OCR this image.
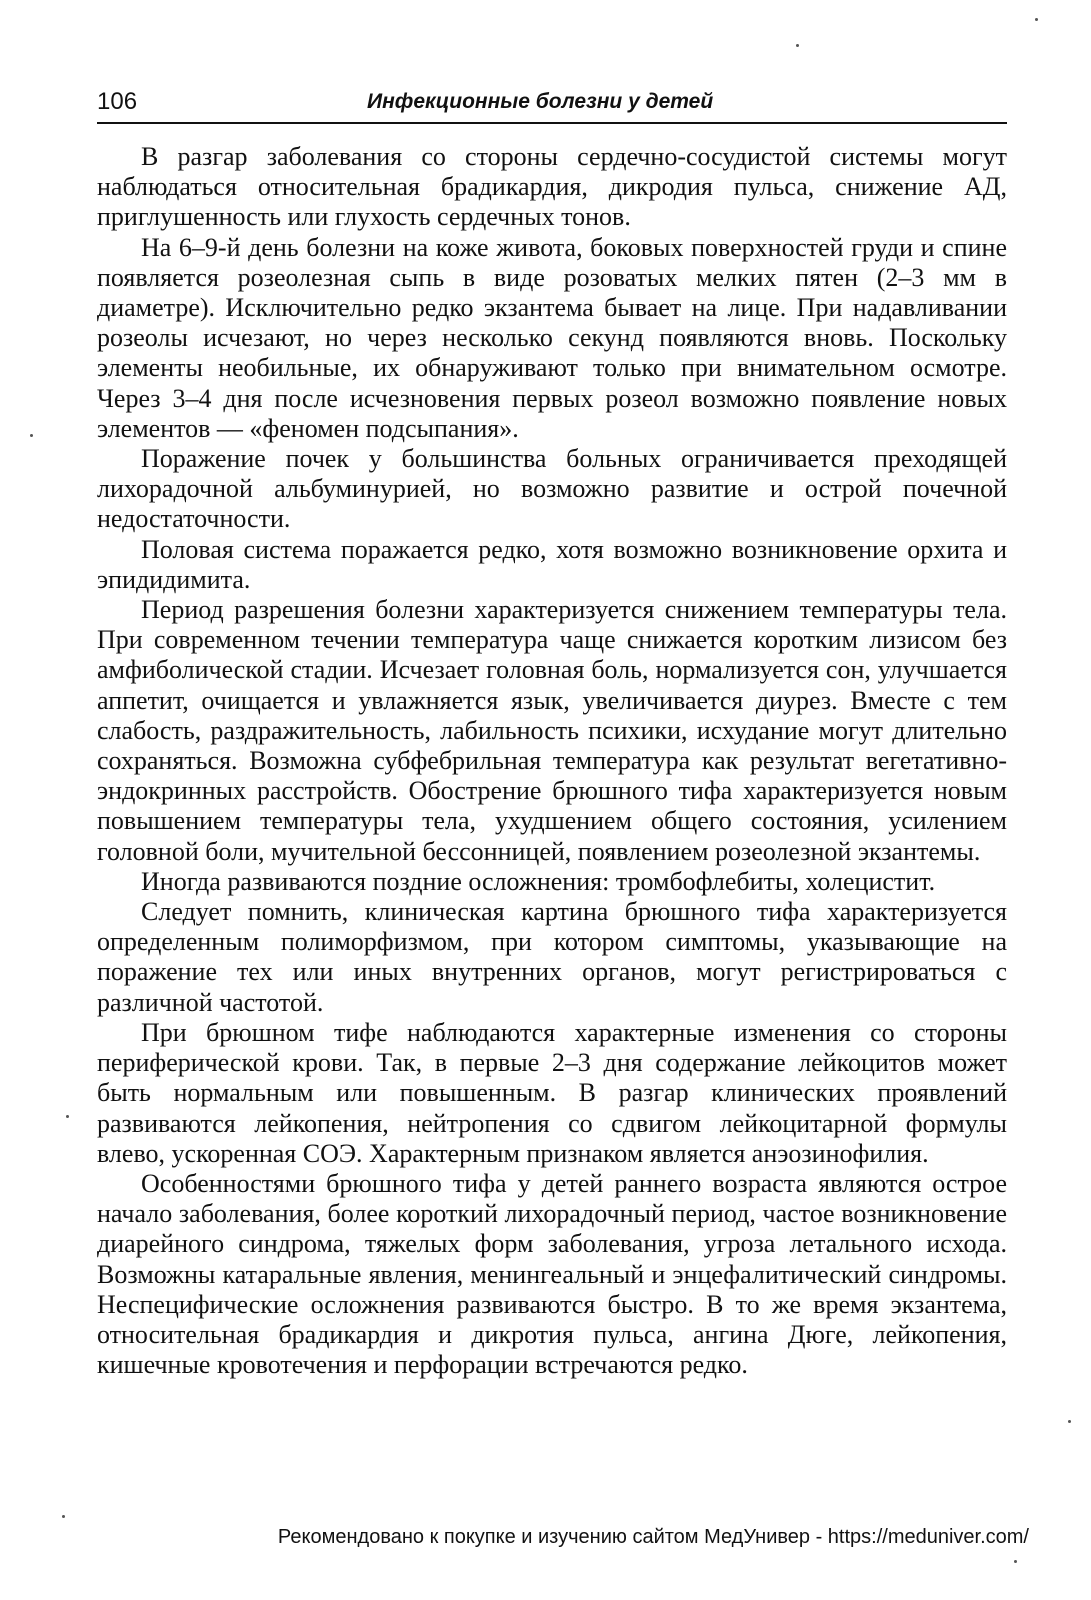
106	Инфекционные болезни у детей

В разгар заболевания со стороны сердечно-сосудистой системы могут наблюдаться относительная брадикардия, дикродия пульса, снижение АД, приглушенность или глухость сердечных тонов.

На 6–9-й день болезни на коже живота, боковых поверхностей груди и спине появляется розеолезная сыпь в виде розоватых мелких пятен (2–3 мм в диаметре). Исключительно редко экзантема бывает на лице. При надавливании розеолы исчезают, но через несколько секунд появляются вновь. Поскольку элементы необильные, их обнаруживают только при внимательном осмотре. Через 3–4 дня после исчезновения первых розеол возможно появление новых элементов — «феномен подсыпания».

Поражение почек у большинства больных ограничивается преходящей лихорадочной альбуминурией, но возможно развитие и острой почечной недостаточности.

Половая система поражается редко, хотя возможно возникновение орхита и эпидидимита.

Период разрешения болезни характеризуется снижением температуры тела. При современном течении температура чаще снижается коротким лизисом без амфиболической стадии. Исчезает головная боль, нормализуется сон, улучшается аппетит, очищается и увлажняется язык, увеличивается диурез. Вместе с тем слабость, раздражительность, лабильность психики, исхудание могут длительно сохраняться. Возможна субфебрильная температура как результат вегетативно-эндокринных расстройств. Обострение брюшного тифа характеризуется новым повышением температуры тела, ухудшением общего состояния, усилением головной боли, мучительной бессонницей, появлением розеолезной экзантемы.

Иногда развиваются поздние осложнения: тромбофлебиты, холецистит.

Следует помнить, клиническая картина брюшного тифа характеризуется определенным полиморфизмом, при котором симптомы, указывающие на поражение тех или иных внутренних органов, могут регистрироваться с различной частотой.

При брюшном тифе наблюдаются характерные изменения со стороны периферической крови. Так, в первые 2–3 дня содержание лейкоцитов может быть нормальным или повышенным. В разгар клинических проявлений развиваются лейкопения, нейтропения со сдвигом лейкоцитарной формулы влево, ускоренная СОЭ. Характерным признаком является анэозинофилия.

Особенностями брюшного тифа у детей раннего возраста являются острое начало заболевания, более короткий лихорадочный период, частое возникновение диарейного синдрома, тяжелых форм заболевания, угроза летального исхода. Возможны катаральные явления, менингеальный и энцефалитический синдромы. Неспецифические осложнения развиваются быстро. В то же время экзантема, относительная брадикардия и дикротия пульса, ангина Дюге, лейкопения, кишечные кровотечения и перфорации встречаются редко.

Рекомендовано к покупке и изучению сайтом МедУнивер - https://meduniver.com/
